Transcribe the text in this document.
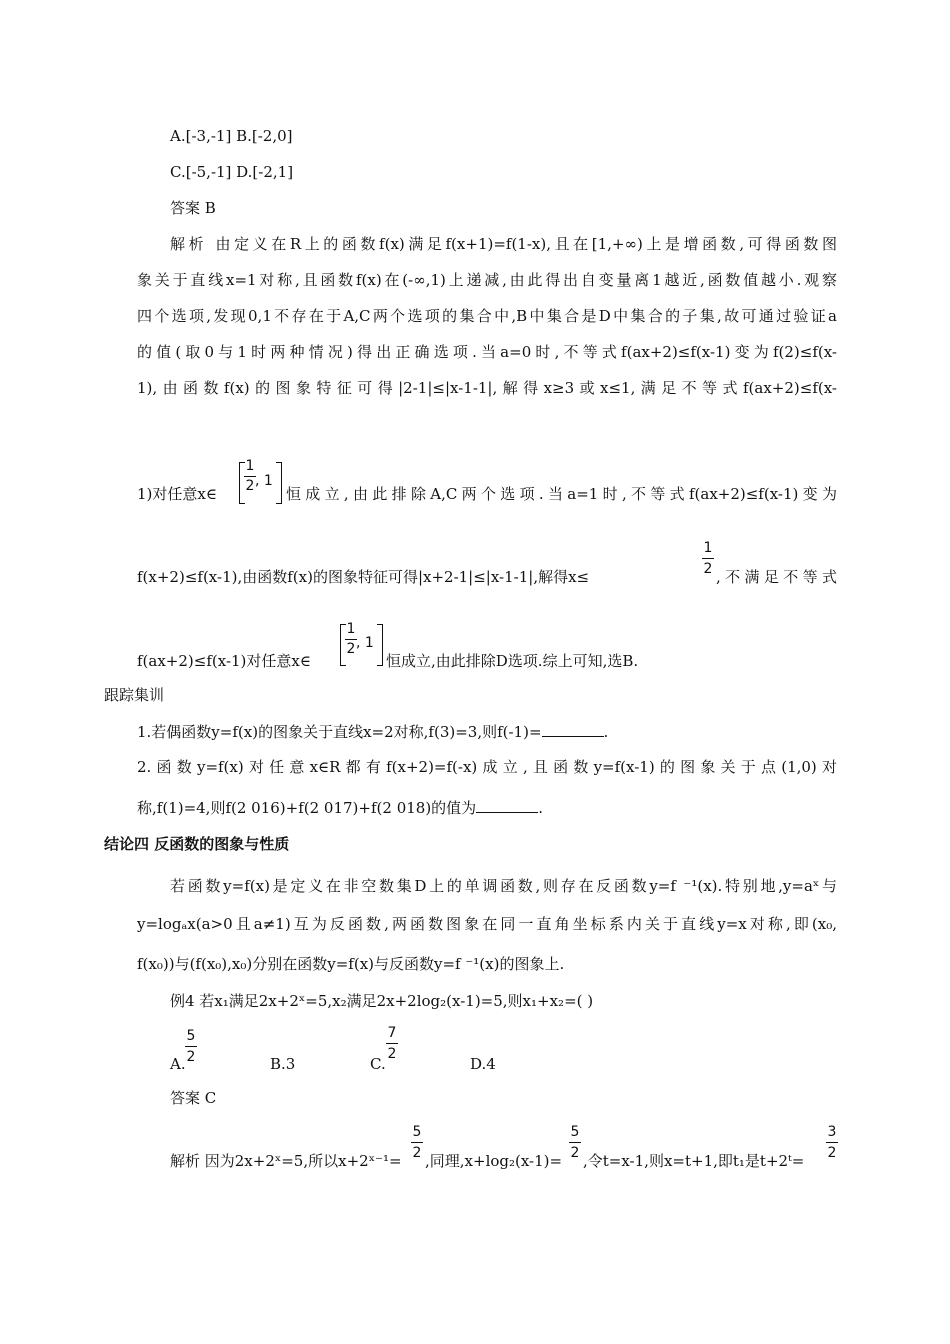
A.[-3,-1] B.[-2,0]
C.[-5,-1] D.[-2,1]
答案 B
解析 由定义在R上的函数f(x)满足f(x+1)=f(1-x),且在[1,+∞)上是增函数,可得函数图
象关于直线x=1对称,且函数f(x)在(-∞,1)上递减,由此得出自变量离1越近,函数值越小.观察
四个选项,发现0,1不存在于A,C两个选项的集合中,B中集合是D中集合的子集,故可通过验证a
的值(取0与1时两种情况)得出正确选项.当a=0时,不等式f(ax+2)≤f(x-1)变为f(2)≤f(x-
1),由函数f(x)的图象特征可得|2-1|≤|x-1-1|,解得x≥3或x≤1,满足不等式f(ax+2)≤f(x-
1)对任意x∈
1
2 , 1
恒成立,由此排除A,C两个选项.当a=1时,不等式f(ax+2)≤f(x-1)变为
f(x+2)≤f(x-1),由函数f(x)的图象特征可得|x+2-1|≤|x-1-1|,解得x≤
1
2 ,不满足不等式
f(ax+2)≤f(x-1)对任意x∈
1
2 , 1
恒成立,由此排除D选项.综上可知,选B.
跟踪集训
1.若偶函数y=f(x)的图象关于直线x=2对称,f(3)=3,则f(-1)=	.
2.函数y=f(x)对任意x∈R都有f(x+2)=f(-x)成立,且函数y=f(x-1)的图象关于点(1,0)对
称,f(1)=4,则f(2 016)+f(2 017)+f(2 018)的值为	.
结论四 反函数的图象与性质
若函数y=f(x)是定义在非空数集D上的单调函数,则存在反函数y=f ⁻¹(x).特别地,y=aˣ与
y=logₐx(a>0且a≠1)互为反函数,两函数图象在同一直角坐标系内关于直线y=x对称,即(x₀,
f(x₀))与(f(x₀),x₀)分别在函数y=f(x)与反函数y=f ⁻¹(x)的图象上.
例4 若x₁满足2x+2ˣ=5,x₂满足2x+2log₂(x-1)=5,则x₁+x₂=( )
A.
5
2	B.3	C.
7
2
D.4
答案 C
解析 因为2x+2ˣ=5,所以x+2ˣ⁻¹=
5
2 ,同理,x+log₂(x-1)=
5
2 ,令t=x-1,则x=t+1,即t₁是t+2ᵗ=
3
2
